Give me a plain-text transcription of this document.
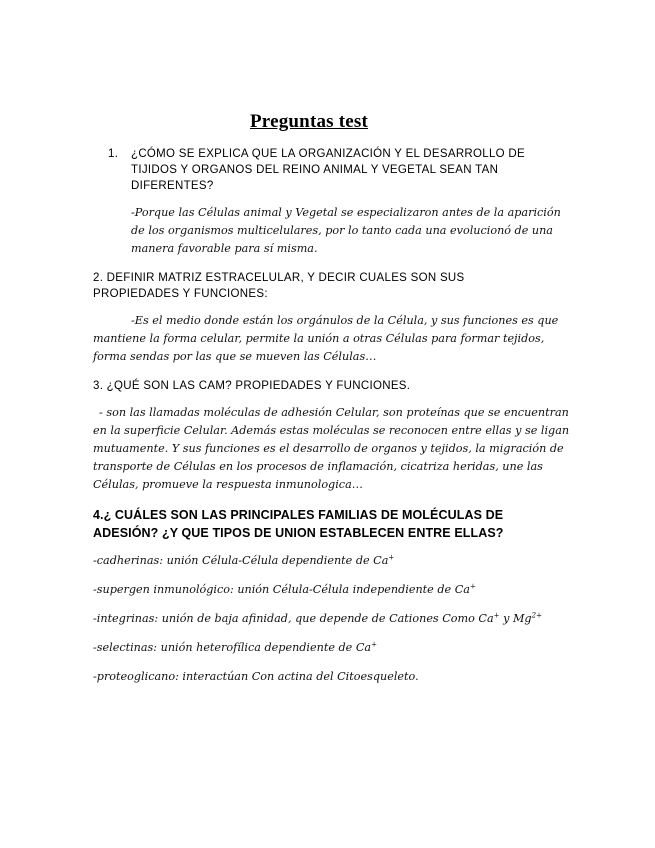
Preguntas test
1. ¿CÓMO SE EXPLICA QUE LA ORGANIZACIÓN Y EL DESARROLLO DE TIJIDOS Y ORGANOS DEL REINO ANIMAL Y VEGETAL SEAN TAN DIFERENTES?
-Porque las Células animal y Vegetal se especializaron antes de la aparición de los organismos multicelulares, por lo tanto cada una evolucionó de una manera favorable para sí misma.
2. DEFINIR MATRIZ ESTRACELULAR, Y DECIR CUALES SON SUS PROPIEDADES Y FUNCIONES:
-Es el medio donde están los orgánulos de la Célula, y sus funciones es que mantiene la forma celular, permite la unión a otras Células para formar tejidos, forma sendas por las que se mueven las Células…
3. ¿QUÉ SON LAS CAM? PROPIEDADES Y FUNCIONES.
- son las llamadas moléculas de adhesión Celular, son proteínas que se encuentran en la superficie Celular. Además estas moléculas se reconocen entre ellas y se ligan mutuamente. Y sus funciones es el desarrollo de organos y tejidos, la migración de transporte de Células en los procesos de inflamación, cicatriza heridas, une las Células, promueve la respuesta inmunologica…
4.¿ CUÁLES SON LAS PRINCIPALES FAMILIAS DE MOLÉCULAS DE ADESIÓN? ¿Y QUE TIPOS DE UNION ESTABLECEN ENTRE ELLAS?
-cadherinas: unión Célula-Célula dependiente de Ca+
-supergen inmunológico: unión Célula-Célula independiente de Ca+
-integrinas: unión de baja afinidad, que depende de Cationes Como Ca+ y $Mg^{2+}$
-selectinas: unión heterofílica dependiente de Ca+
-proteoglicano: interactúan Con actina del Citoesqueleto.
